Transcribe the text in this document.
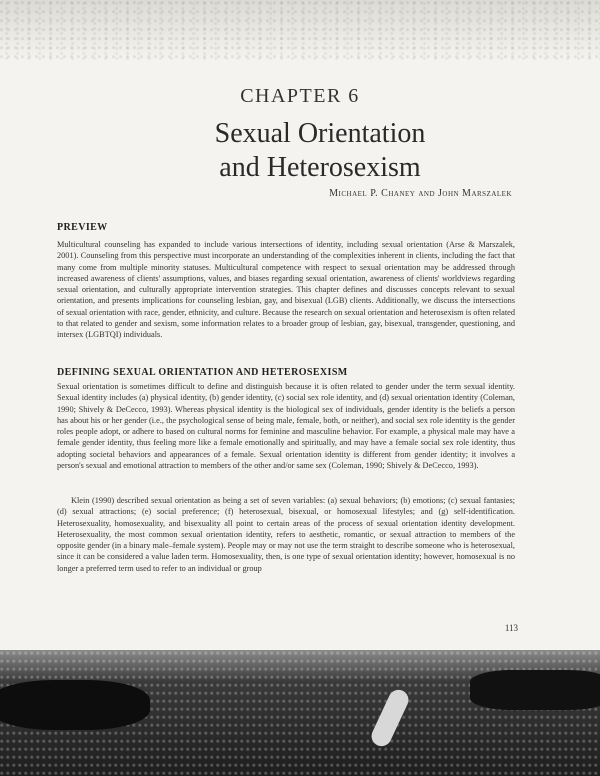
CHAPTER 6
Sexual Orientation
and Heterosexism
Michael P. Chaney and John Marszalek
PREVIEW

Multicultural counseling has expanded to include various intersections of identity, including sexual orientation (Arse & Marszalek, 2001). Counseling from this perspective must incorporate an understanding of the complexities inherent in clients, including the fact that many come from multiple minority statuses. Multicultural competence with respect to sexual orientation may be addressed through increased awareness of clients' assumptions, values, and biases regarding sexual orientation, awareness of clients' worldviews regarding sexual orientation, and culturally appropriate intervention strategies. This chapter defines and discusses concepts relevant to sexual orientation, and presents implications for counseling lesbian, gay, and bisexual (LGB) clients. Additionally, we discuss the intersections of sexual orientation with race, gender, ethnicity, and culture. Because the research on sexual orientation and heterosexism is often related to that related to gender and sexism, some information relates to a broader group of lesbian, gay, bisexual, transgender, questioning, and intersex (LGBTQI) individuals.

DEFINING SEXUAL ORIENTATION AND HETEROSEXISM

Sexual orientation is sometimes difficult to define and distinguish because it is often related to gender under the term sexual identity. Sexual identity includes (a) physical identity, (b) gender identity, (c) social sex role identity, and (d) sexual orientation identity (Coleman, 1990; Shively & DeCecco, 1993). Whereas physical identity is the biological sex of individuals, gender identity is the beliefs a person has about his or her gender (i.e., the psychological sense of being male, female, both, or neither), and social sex role identity is the gender roles people adopt, or adhere to based on cultural norms for feminine and masculine behavior. For example, a physical male may have a female gender identity, thus feeling more like a female emotionally and spiritually, and may have a female social sex role identity, thus adopting societal behaviors and appearances of a female. Sexual orientation identity is different from gender identity; it involves a person's sexual and emotional attraction to members of the other and/or same sex (Coleman, 1990; Shively & DeCecco, 1993).

Klein (1990) described sexual orientation as being a set of seven variables: (a) sexual behaviors; (b) emotions; (c) sexual fantasies; (d) sexual attractions; (e) social preference; (f) heterosexual, bisexual, or homosexual lifestyles; and (g) self-identification. Heterosexuality, homosexuality, and bisexuality all point to certain areas of the process of sexual orientation identity development. Heterosexuality, the most common sexual orientation identity, refers to aesthetic, romantic, or sexual attraction to members of the opposite gender (in a binary male–female system). People may or may not use the term straight to describe someone who is heterosexual, since it can be considered a value laden term. Homosexuality, then, is one type of sexual orientation identity; however, homosexual is no longer a preferred term used to refer to an individual or group

113
